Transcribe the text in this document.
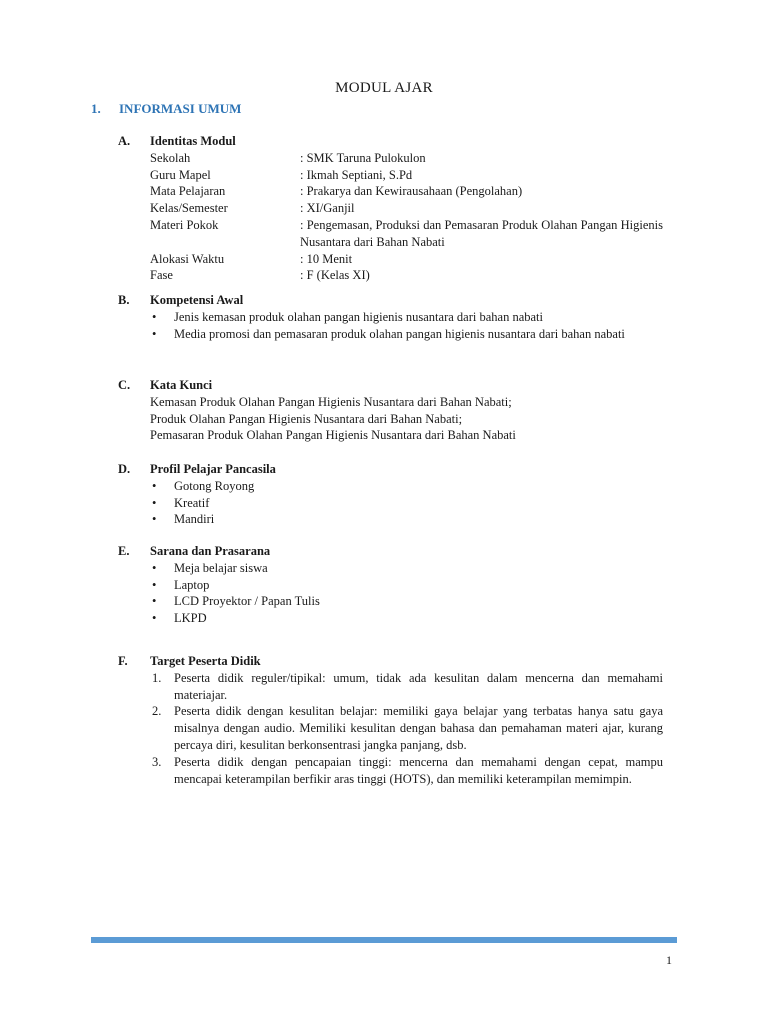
MODUL AJAR
1. INFORMASI UMUM
A. Identitas Modul
Sekolah	: SMK Taruna Pulokulon
Guru Mapel	: Ikmah Septiani, S.Pd
Mata Pelajaran	: Prakarya dan Kewirausahaan (Pengolahan)
Kelas/Semester	: XI/Ganjil
Materi Pokok	: Pengemasan, Produksi dan Pemasaran Produk Olahan Pangan Higienis Nusantara dari Bahan Nabati
Alokasi Waktu	: 10 Menit
Fase	: F (Kelas XI)
B. Kompetensi Awal
•	Jenis kemasan produk olahan pangan higienis nusantara dari bahan nabati
•	Media promosi dan pemasaran produk olahan pangan higienis nusantara dari bahan nabati
C. Kata Kunci
Kemasan Produk Olahan Pangan Higienis Nusantara dari Bahan Nabati;
Produk Olahan Pangan Higienis Nusantara dari Bahan Nabati;
Pemasaran Produk Olahan Pangan Higienis Nusantara dari Bahan Nabati
D. Profil Pelajar Pancasila
•	Gotong Royong
•	Kreatif
•	Mandiri
E. Sarana dan Prasarana
•	Meja belajar siswa
•	Laptop
•	LCD Proyektor / Papan Tulis
•	LKPD
F. Target Peserta Didik
1.	Peserta didik reguler/tipikal: umum, tidak ada kesulitan dalam mencerna dan memahami materiajar.
2.	Peserta didik dengan kesulitan belajar: memiliki gaya belajar yang terbatas hanya satu gaya misalnya dengan audio. Memiliki kesulitan dengan bahasa dan pemahaman materi ajar, kurang percaya diri, kesulitan berkonsentrasi jangka panjang, dsb.
3.	Peserta didik dengan pencapaian tinggi: mencerna dan memahami dengan cepat, mampu mencapai keterampilan berfikir aras tinggi (HOTS), dan memiliki keterampilan memimpin.
1
